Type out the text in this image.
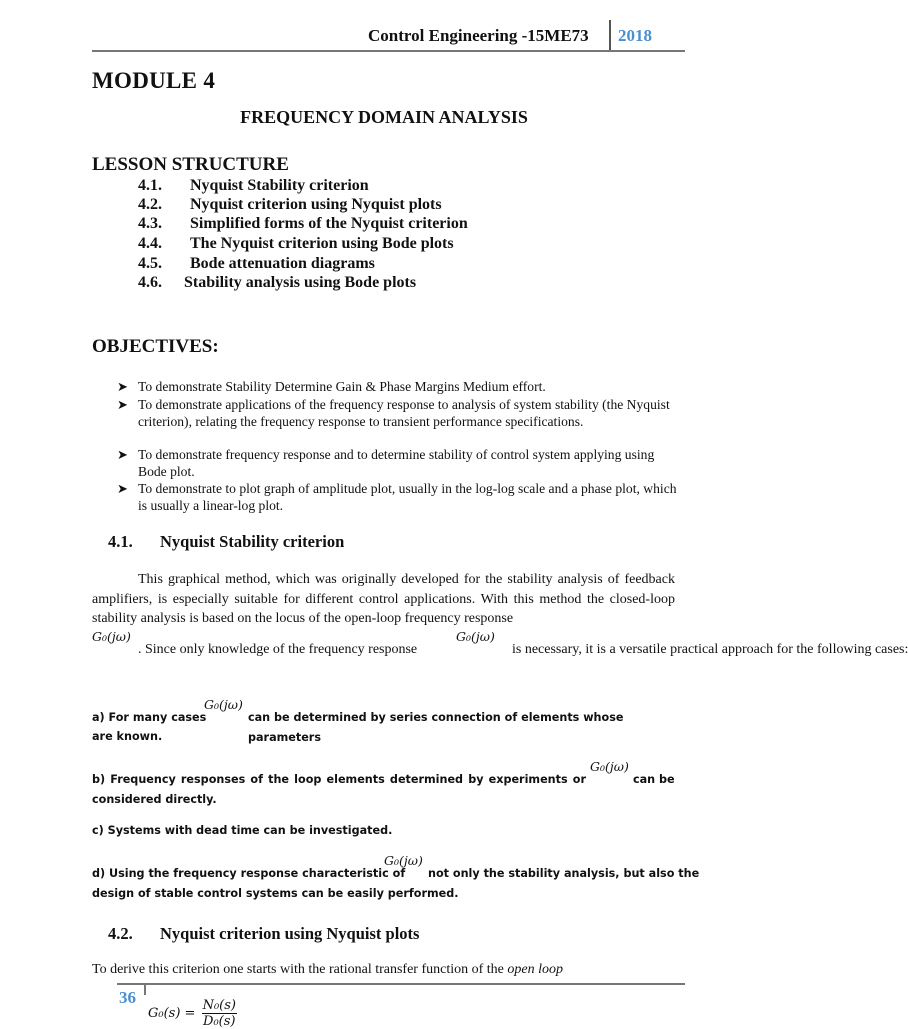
Control Engineering -15ME73 2018
MODULE 4
FREQUENCY DOMAIN ANALYSIS
LESSON STRUCTURE
4.1. Nyquist Stability criterion
4.2. Nyquist criterion using Nyquist plots
4.3. Simplified forms of the Nyquist criterion
4.4. The Nyquist criterion using Bode plots
4.5. Bode attenuation diagrams
4.6. Stability analysis using Bode plots
OBJECTIVES:
➤ To demonstrate Stability Determine Gain & Phase Margins Medium effort.
➤ To demonstrate applications of the frequency response to analysis of system stability (the Nyquist criterion), relating the frequency response to transient performance specifications.
➤ To demonstrate frequency response and to determine stability of control system applying using Bode plot.
➤ To demonstrate to plot graph of amplitude plot, usually in the log-log scale and a phase plot, which is usually a linear-log plot.
4.1. Nyquist Stability criterion
This graphical method, which was originally developed for the stability analysis of feedback amplifiers, is especially suitable for different control applications. With this method the closed-loop stability analysis is based on the locus of the open-loop frequency response
G₀(jω)
. Since only knowledge of the frequency response
G₀(jω)
is necessary, it is a versatile practical approach for the following cases:
a) For many cases
G₀(jω)
can be determined by series connection of elements whose parameters
are known.
b) Frequency responses of the loop elements determined by experiments or
G₀(jω)
can be
considered directly.
c) Systems with dead time can be investigated.
d) Using the frequency response characteristic of
G₀(jω)
not only the stability analysis, but also the
design of stable control systems can be easily performed.
4.2. Nyquist criterion using Nyquist plots
To derive this criterion one starts with the rational transfer function of the open loop
36
$G_0(s) = \frac{\text{N₀(s)}}{\text{D₀(s)}}$
